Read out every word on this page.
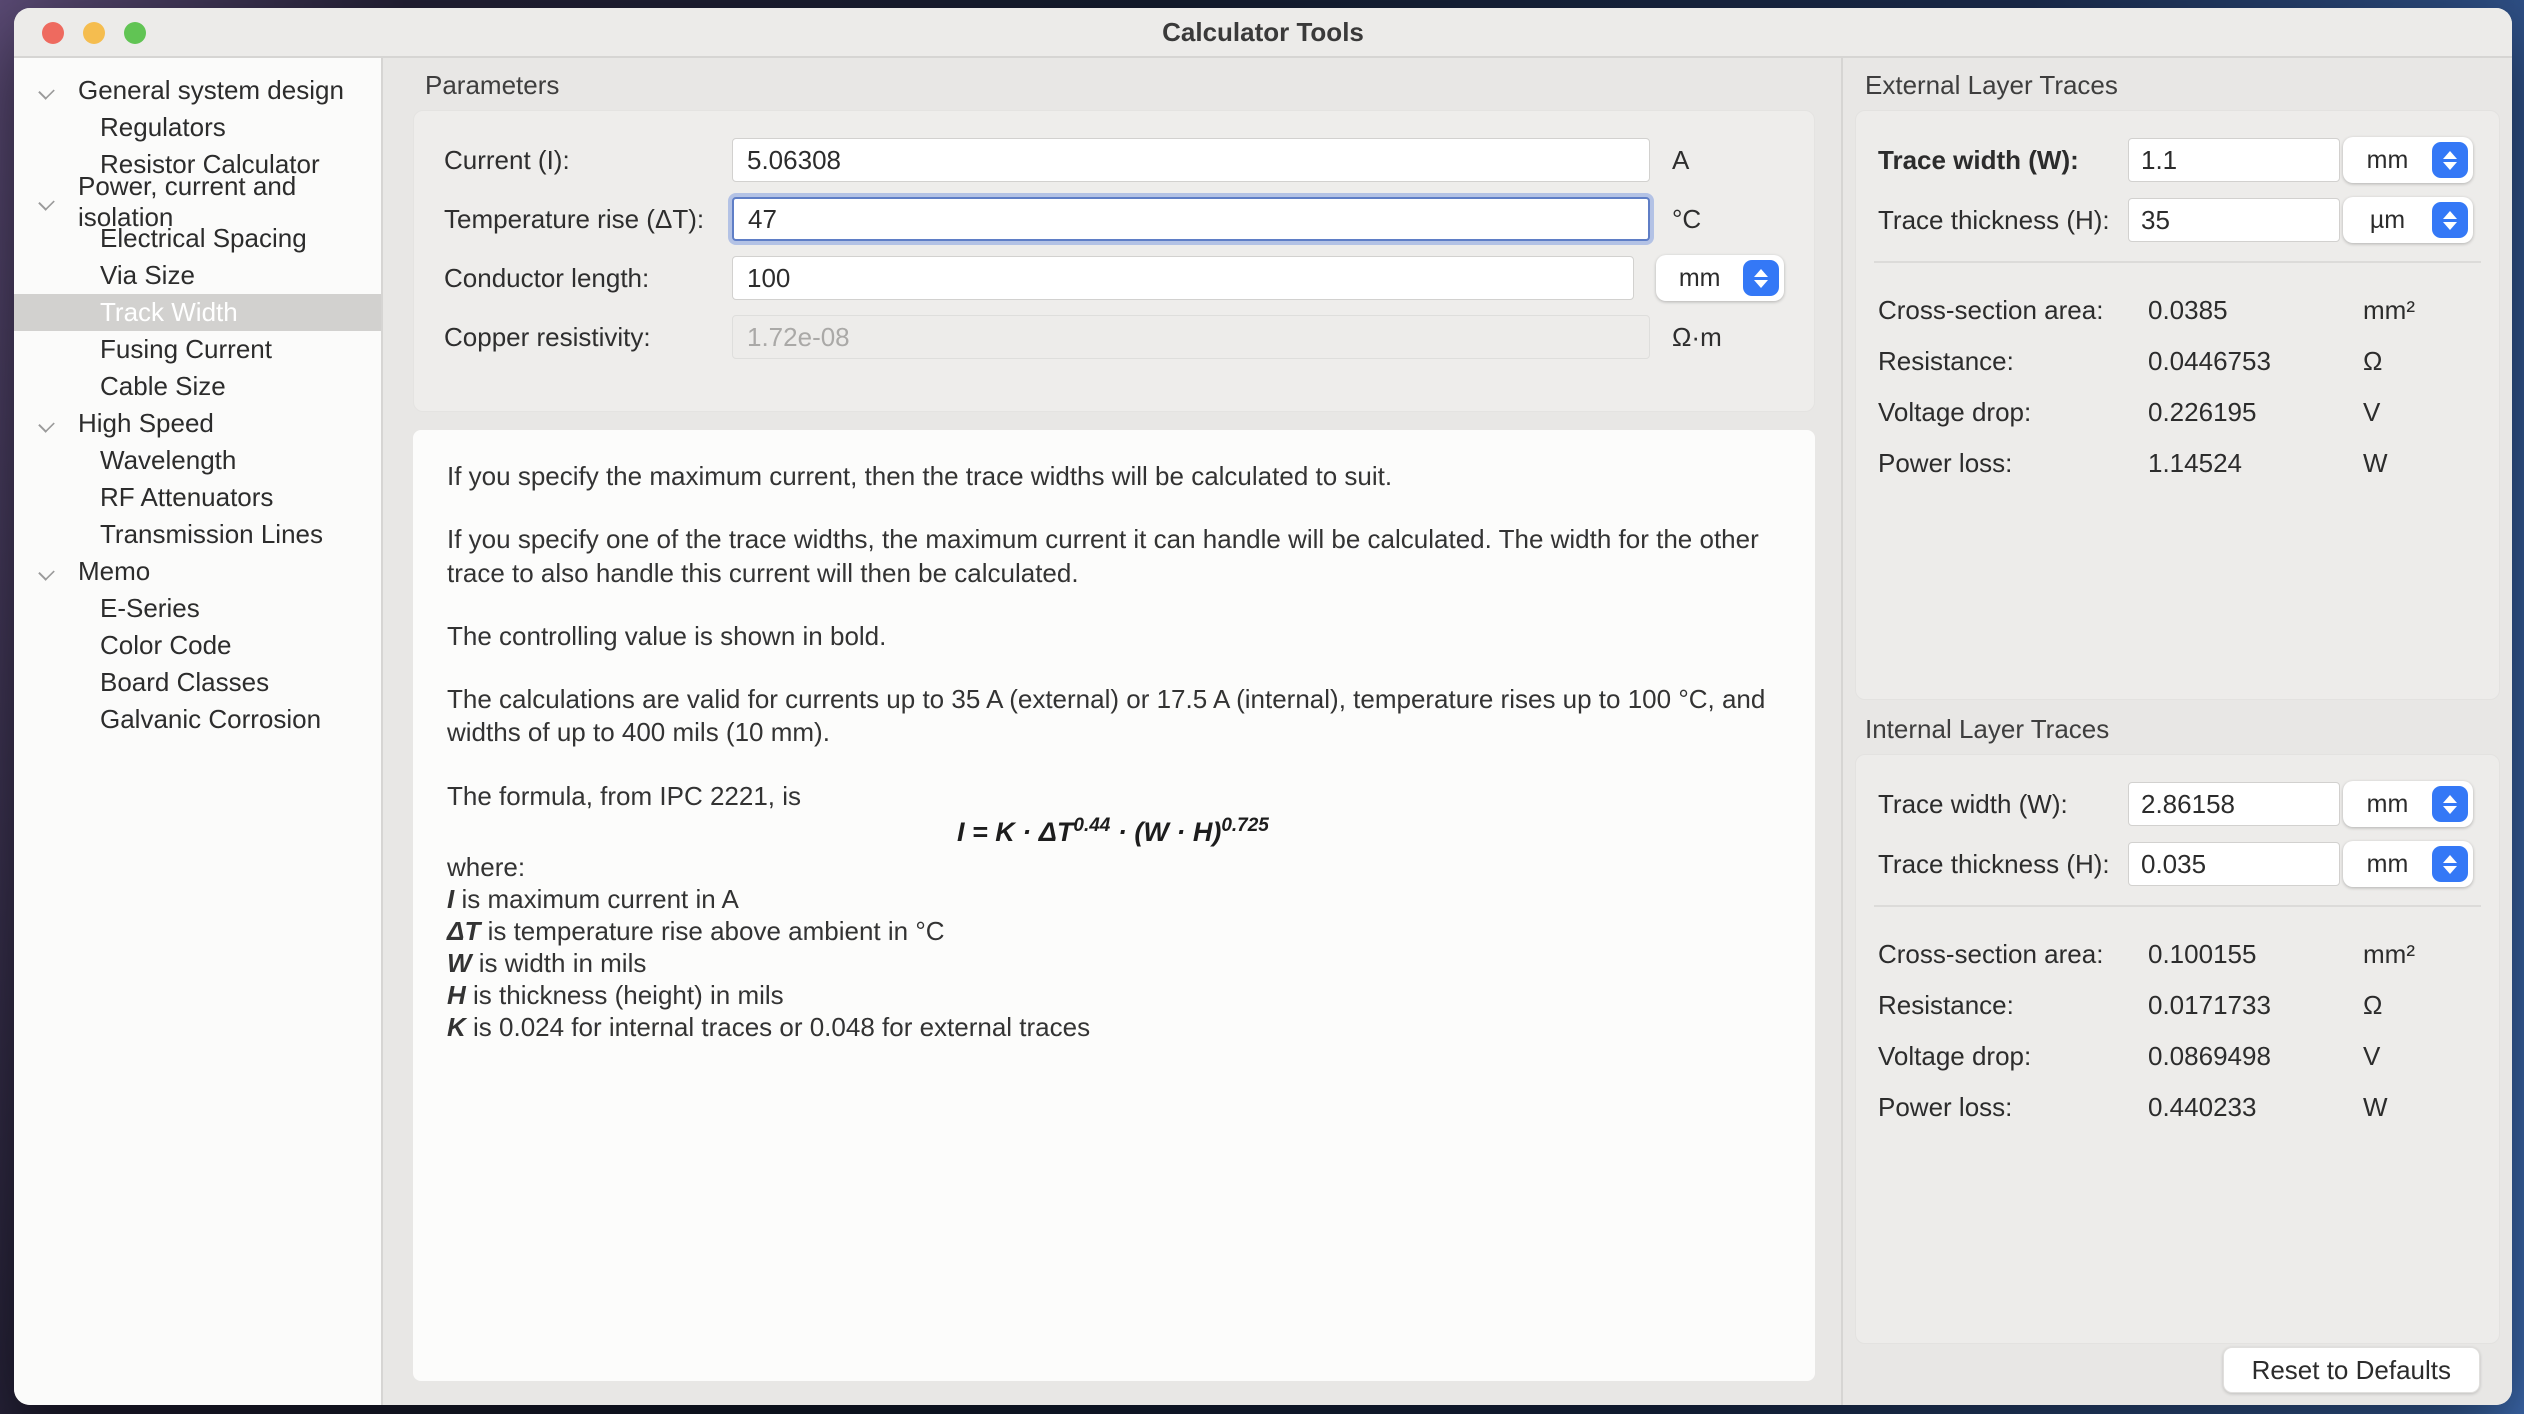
Calculator Tools
General system design
Regulators
Resistor Calculator
Power, current and isolation
Electrical Spacing
Via Size
Track Width
Fusing Current
Cable Size
High Speed
Wavelength
RF Attenuators
Transmission Lines
Memo
E-Series
Color Code
Board Classes
Galvanic Corrosion
Parameters
Current (I):
5.06308	A
Temperature rise (ΔT):
47	°C
Conductor length:
100	mm
Copper resistivity:
1.72e-08	Ω·m

If you specify the maximum current, then the trace widths will be calculated to suit.

If you specify one of the trace widths, the maximum current it can handle will be calculated. The width for the other trace to also handle this current will then be calculated.

The controlling value is shown in bold.

The calculations are valid for currents up to 35 A (external) or 17.5 A (internal), temperature rises up to 100 °C, and widths of up to 400 mils (10 mm).

The formula, from IPC 2221, is

$I = K \cdot \Delta T^{0.44} \cdot (W \cdot H)^{0.725}$
where:
I is maximum current in A
ΔT is temperature rise above ambient in °C
W is width in mils
H is thickness (height) in mils
K is 0.024 for internal traces or 0.048 for external traces
External Layer Traces
Trace width (W):
1.1	mm
Trace thickness (H):
35	µm
Cross-section area:	0.0385	mm²
Resistance:	0.0446753	Ω
Voltage drop:	0.226195	V
Power loss:	1.14524	W
Internal Layer Traces
Trace width (W):
2.86158	mm
Trace thickness (H):
0.035	mm
Cross-section area:	0.100155	mm²
Resistance:	0.0171733	Ω
Voltage drop:	0.0869498	V
Power loss:	0.440233	W
Reset to Defaults
